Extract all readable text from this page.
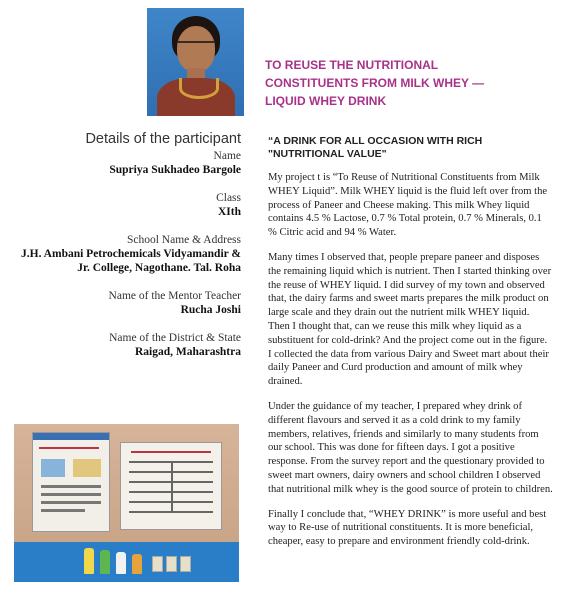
TO REUSE THE NUTRITIONAL
CONSTITUENTS FROM MILK WHEY —
LIQUID WHEY DRINK
Details of the participant
Name
Supriya Sukhadeo Bargole
Class
XIth
School Name & Address
J.H. Ambani Petrochemicals Vidyamandir &
Jr. College, Nagothane. Tal. Roha
Name of the Mentor Teacher
Rucha Joshi
Name of the District & State
Raigad, Maharashtra
“A DRINK FOR ALL OCCASION WITH RICH
"NUTRITIONAL VALUE"

My project t is “To Reuse of Nutritional Constituents from Milk WHEY Liquid”. Milk WHEY liquid is the fluid left over from the process of Paneer and Cheese making. This milk Whey liquid contains 4.5 % Lactose, 0.7 % Total protein, 0.7 % Minerals, 0.1 % Citric acid and 94 % Water.

Many times I observed that, people prepare paneer and disposes the remaining liquid which is nutrient. Then I started thinking over the reuse of WHEY liquid. I did survey of my town and observed that, the dairy farms and sweet marts prepares the milk product on large scale and they drain out the nutrient milk WHEY liquid. Then I thought that, can we reuse this milk whey liquid as a substituent for cold-drink? And the project come out in the figure. I collected the data from various Dairy and Sweet mart about their daily Paneer and Curd production and amount of milk whey drained.

Under the guidance of my teacher, I prepared whey drink of different flavours and served it as a cold drink to my family members, relatives, friends and similarly to many students from our school. This was done for fifteen days. I got a positive response. From the survey report and the questionary provided to sweet mart owners, dairy owners and school children I observed that nutritional milk whey is the good source of protein to children.

Finally I conclude that, “WHEY DRINK” is more useful and best way to Re-use of nutritional constituents. It is more beneficial, cheaper, easy to prepare and environment friendly cold-drink.
